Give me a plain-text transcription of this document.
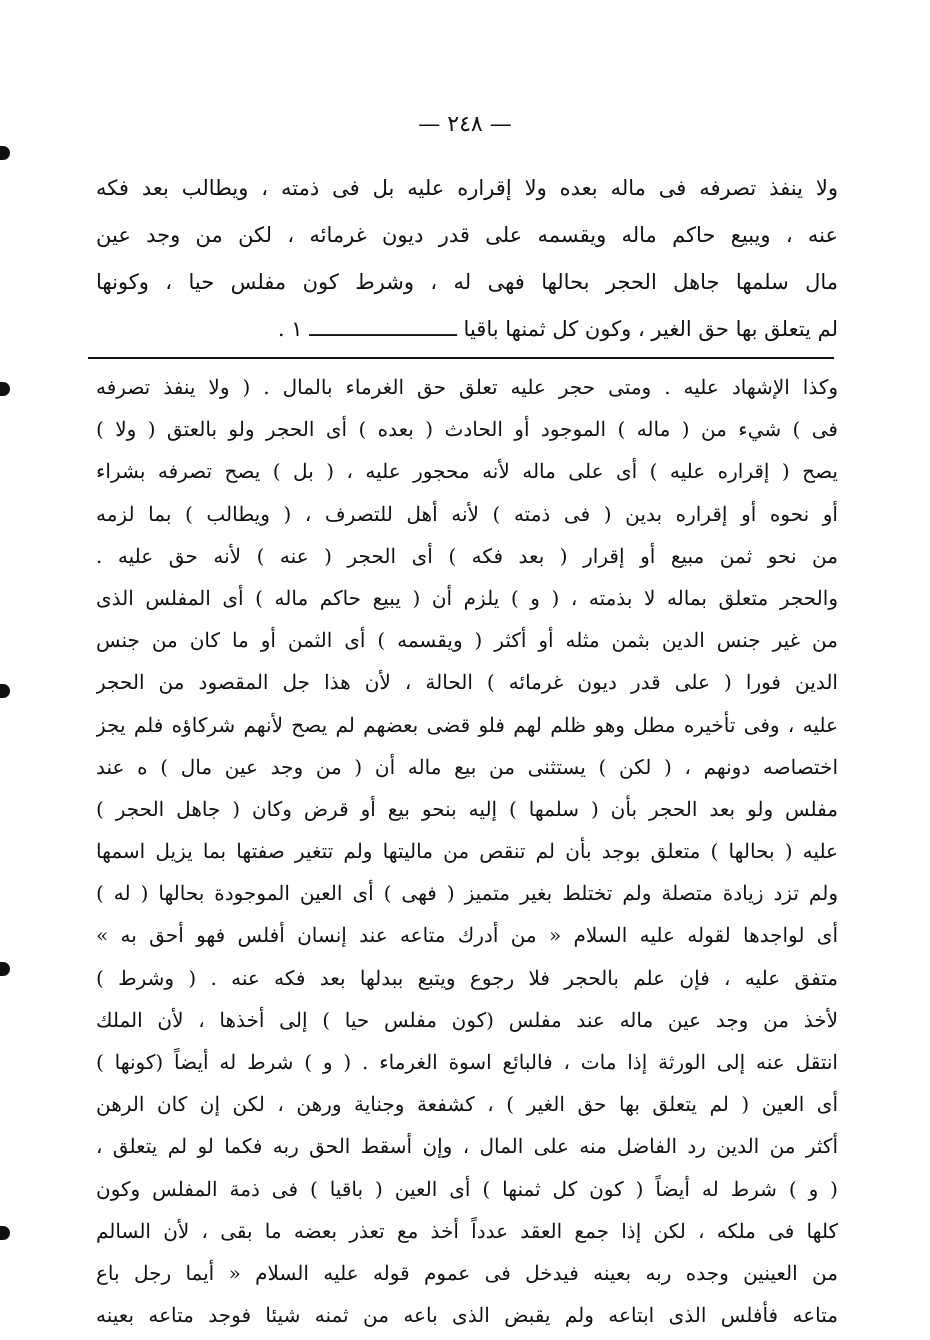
— ٢٤٨ —
ولا ينفذ تصرفه فى ماله بعده ولا إقراره عليه بل فى ذمته ، ويطالب بعد فكه
عنه ، ويبيع حاكم ماله ويقسمه على قدر ديون غرمائه ، لكن من وجد عين
مال سلمها جاهل الحجر بحالها فهى له ، وشرط كون مفلس حيا ، وكونها
لم يتعلق بها حق الغير ، وكون كل ثمنها باقيا ــــــــــــــــــــــــ ١ .
وكذا الإشهاد عليه . ومتى حجر عليه تعلق حق الغرماء بالمال . ( ولا ينفذ تصرفه
فى ) شيء من ( ماله ) الموجود أو الحادث ( بعده ) أى الحجر ولو بالعتق ( ولا )
يصح ( إقراره عليه ) أى على ماله لأنه محجور عليه ، ( بل ) يصح تصرفه بشراء
أو نحوه أو إقراره بدين ( فى ذمته ) لأنه أهل للتصرف ، ( ويطالب ) بما لزمه
من نحو ثمن مبيع أو إقرار ( بعد فكه ) أى الحجر ( عنه ) لأنه حق عليه .
والحجر متعلق بماله لا بذمته ، ( و ) يلزم أن ( يبيع حاكم ماله ) أى المفلس الذى
من غير جنس الدين بثمن مثله أو أكثر ( ويقسمه ) أى الثمن أو ما كان من جنس
الدين فورا ( على قدر ديون غرمائه ) الحالة ، لأن هذا جل المقصود من الحجر
عليه ، وفى تأخيره مطل وهو ظلم لهم فلو قضى بعضهم لم يصح لأنهم شركاؤه فلم يجز
اختصاصه دونهم ، ( لكن ) يستثنى من بيع ماله أن ( من وجد عين مال ) ه عند
مفلس ولو بعد الحجر بأن ( سلمها ) إليه بنحو بيع أو قرض وكان ( جاهل الحجر )
عليه ( بحالها ) متعلق بوجد بأن لم تنقص من ماليتها ولم تتغير صفتها بما يزيل اسمها
ولم تزد زيادة متصلة ولم تختلط بغير متميز ( فهى ) أى العين الموجودة بحالها ( له )
أى لواجدها لقوله عليه السلام « من أدرك متاعه عند إنسان أفلس فهو أحق به »
متفق عليه ، فإن علم بالحجر فلا رجوع ويتبع ببدلها بعد فكه عنه . ( وشرط )
لأخذ من وجد عين ماله عند مفلس (كون مفلس حيا ) إلى أخذها ، لأن الملك
انتقل عنه إلى الورثة إذا مات ، فالبائع اسوة الغرماء . ( و ) شرط له أيضاً (كونها )
أى العين ( لم يتعلق بها حق الغير ) ، كشفعة وجناية ورهن ، لكن إن كان الرهن
أكثر من الدين رد الفاضل منه على المال ، وإن أسقط الحق ربه فكما لو لم يتعلق ،
( و ) شرط له أيضاً ( كون كل ثمنها ) أى العين ( باقيا ) فى ذمة المفلس وكون
كلها فى ملكه ، لكن إذا جمع العقد عدداً أخذ مع تعذر بعضه ما بقى ، لأن السالم
من العينين وجده ربه بعينه فيدخل فى عموم قوله عليه السلام « أيما رجل باع
متاعه فأفلس الذى ابتاعه ولم يقبض الذى باعه من ثمنه شيئا فوجد متاعه بعينه
